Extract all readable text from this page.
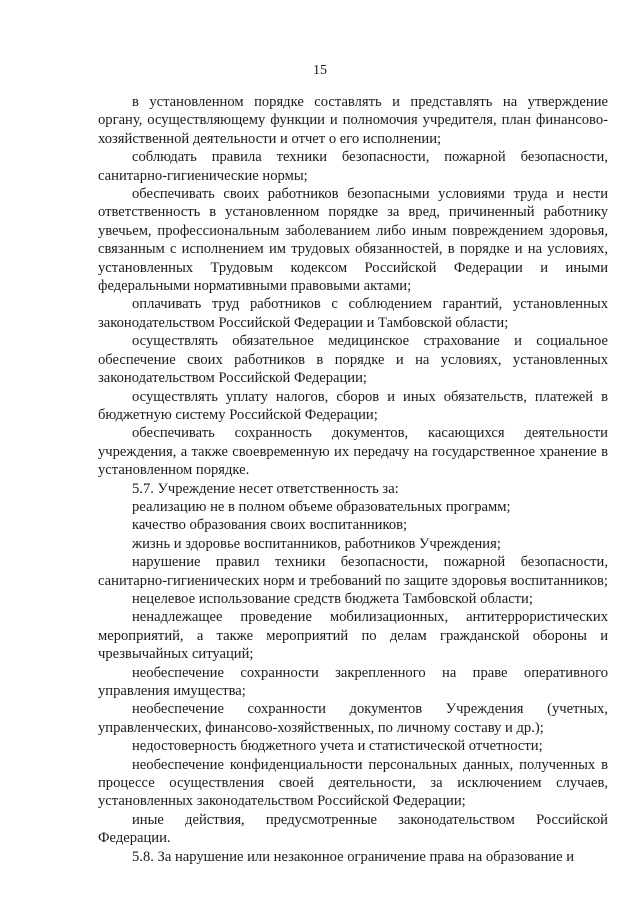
15

в установленном порядке составлять и представлять на утверждение органу, осуществляющему функции и полномочия учредителя, план финансово-хозяйственной деятельности и отчет о его исполнении;

соблюдать правила техники безопасности, пожарной безопасности, санитарно-гигиенические нормы;

обеспечивать своих работников безопасными условиями труда и нести ответственность в установленном порядке за вред, причиненный работнику увечьем, профессиональным заболеванием либо иным повреждением здоровья, связанным с исполнением им трудовых обязанностей, в порядке и на условиях, установленных Трудовым кодексом Российской Федерации и иными федеральными нормативными правовыми актами;

оплачивать труд работников с соблюдением гарантий, установленных законодательством Российской Федерации и Тамбовской области;

осуществлять обязательное медицинское страхование и социальное обеспечение своих работников в порядке и на условиях, установленных законодательством Российской Федерации;

осуществлять уплату налогов, сборов и иных обязательств, платежей в бюджетную систему Российской Федерации;

обеспечивать сохранность документов, касающихся деятельности учреждения, а также своевременную их передачу на государственное хранение в установленном порядке.

5.7. Учреждение несет ответственность за:

реализацию не в полном объеме образовательных программ;

качество образования своих воспитанников;

жизнь и здоровье воспитанников, работников Учреждения;

нарушение правил техники безопасности, пожарной безопасности, санитарно-гигиенических норм и требований по защите здоровья воспитанников;

нецелевое использование средств бюджета Тамбовской области;

ненадлежащее проведение мобилизационных, антитеррористических мероприятий, а также мероприятий по делам гражданской обороны и чрезвычайных ситуаций;

необеспечение сохранности закрепленного на праве оперативного управления имущества;

необеспечение сохранности документов Учреждения (учетных, управленческих, финансово-хозяйственных, по личному составу и др.);

недостоверность бюджетного учета и статистической отчетности;

необеспечение конфиденциальности персональных данных, полученных в процессе осуществления своей деятельности, за исключением случаев, установленных законодательством Российской Федерации;

иные действия, предусмотренные законодательством Российской Федерации.

5.8. За нарушение или незаконное ограничение права на образование и
